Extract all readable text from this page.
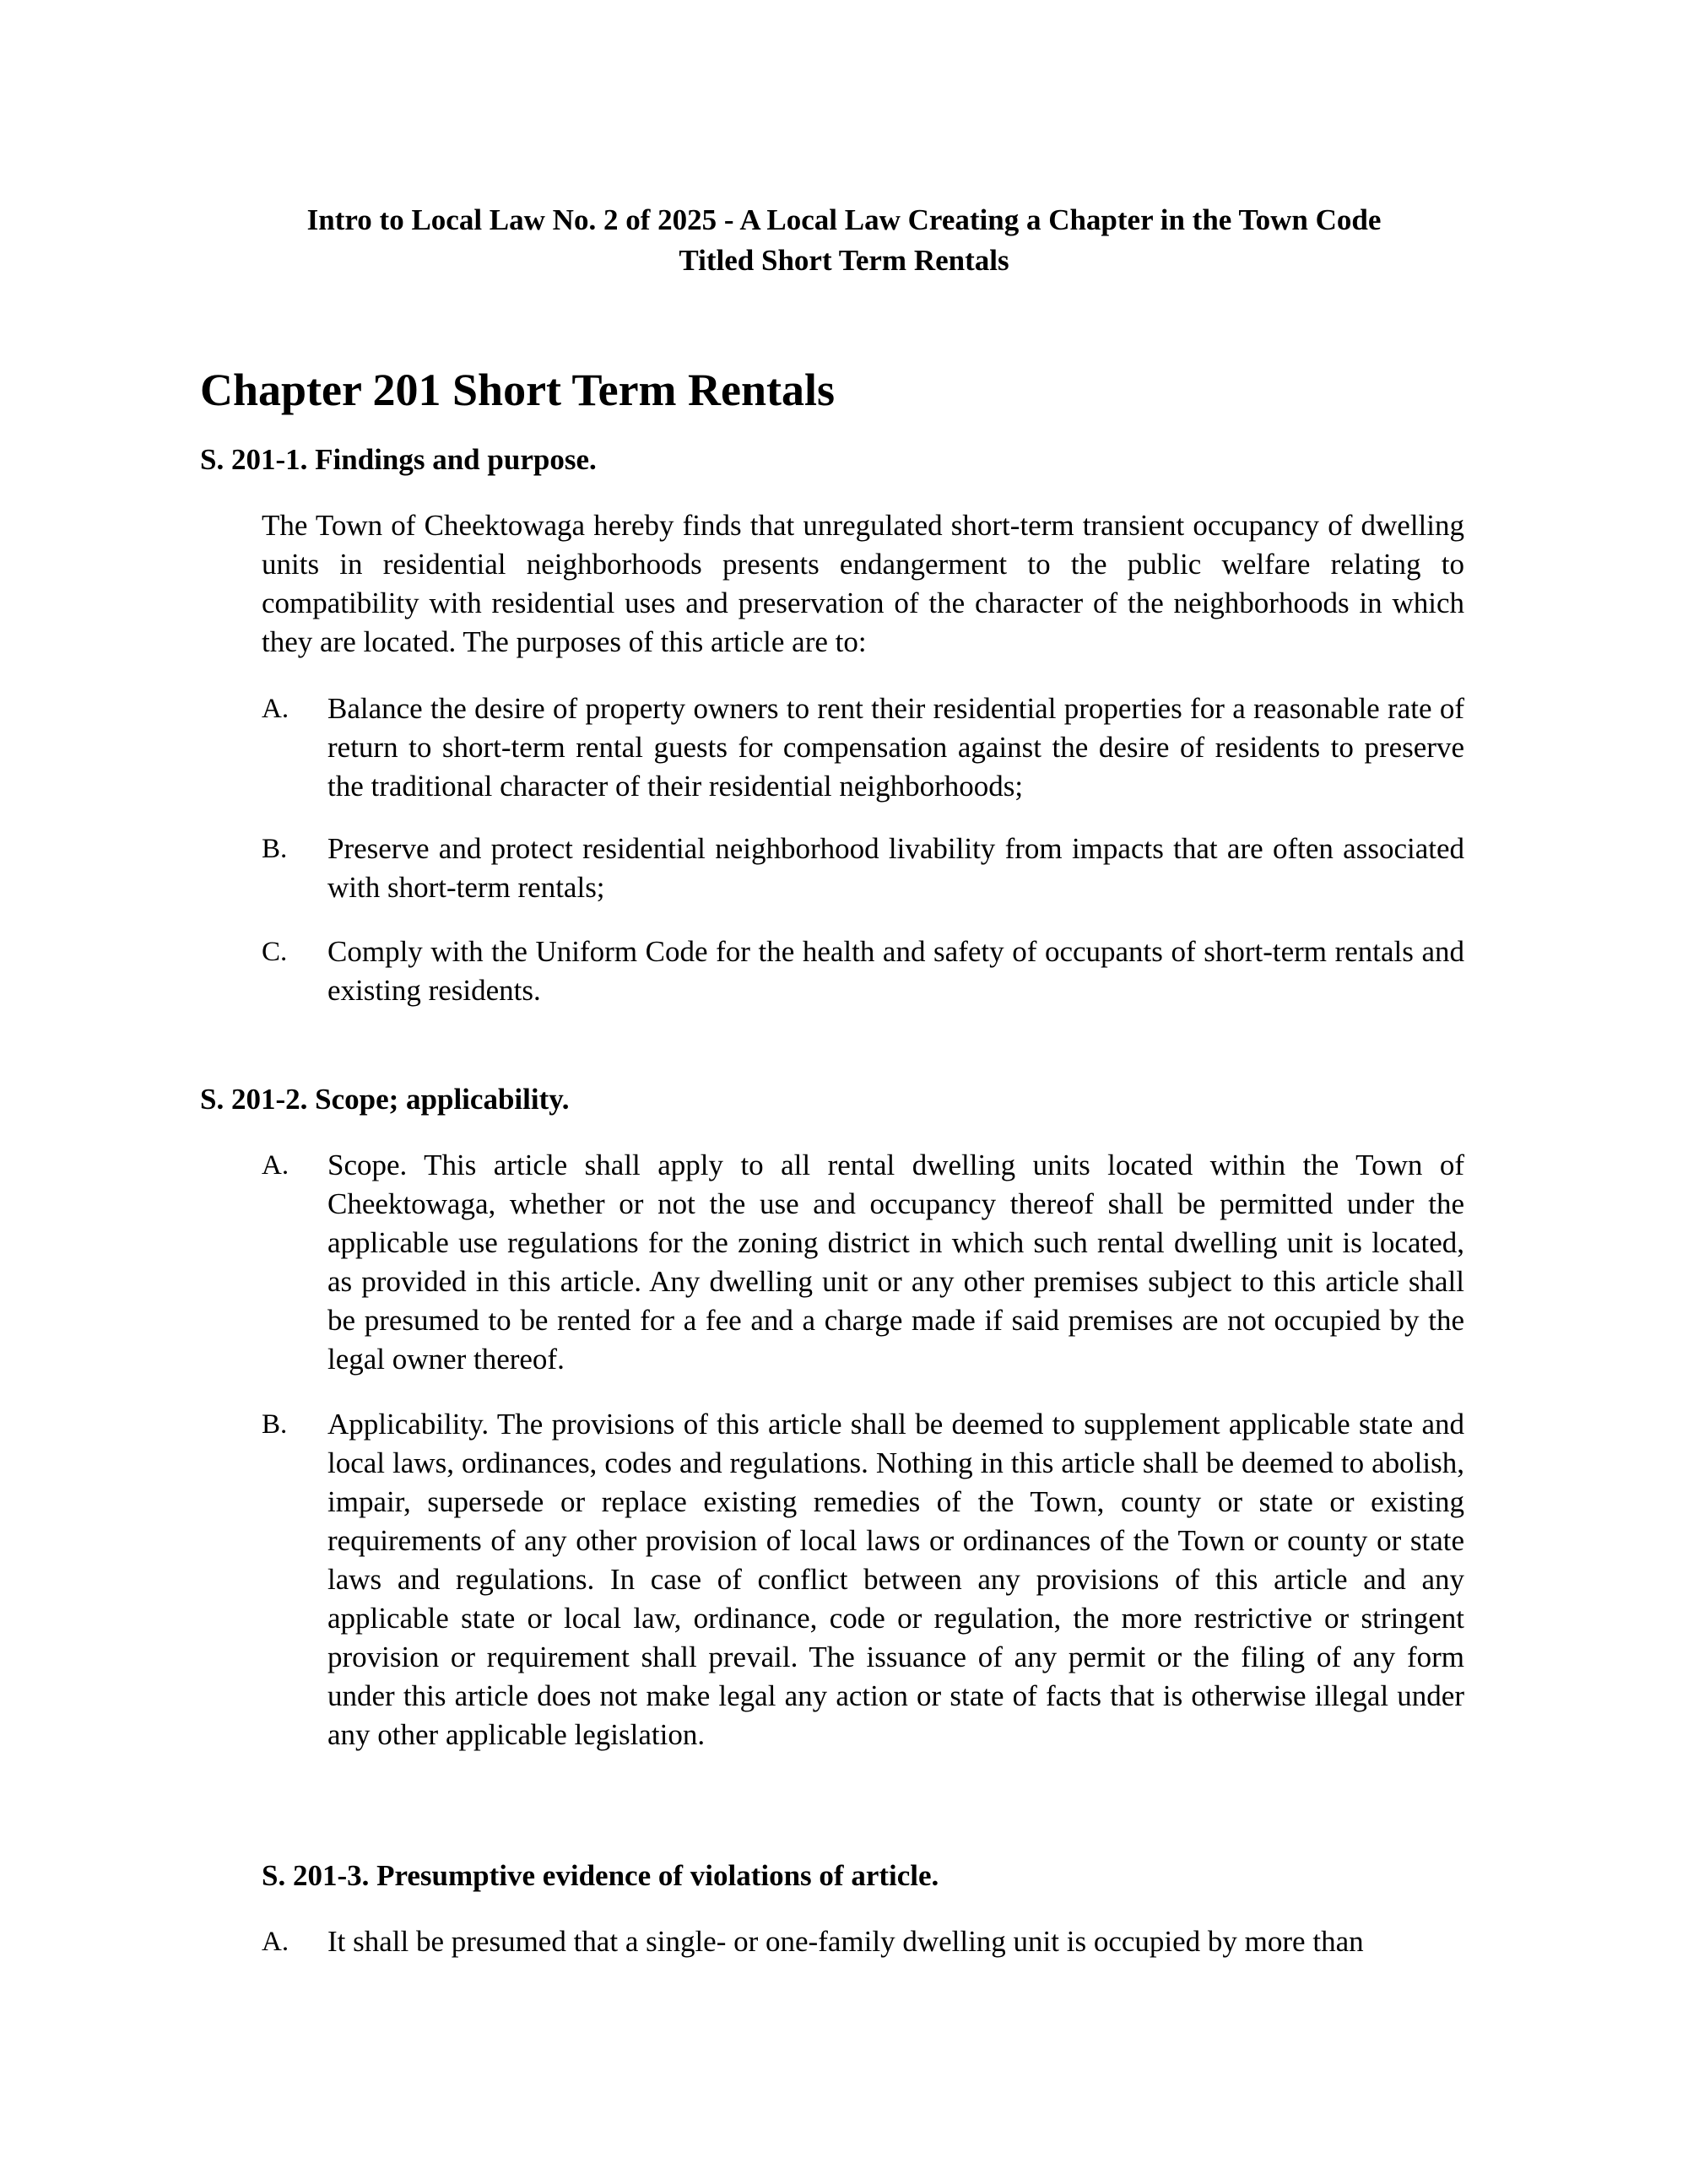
Intro to Local Law No. 2 of 2025 - A Local Law Creating a Chapter in the Town Code
Titled Short Term Rentals
Chapter 201 Short Term Rentals
S. 201-1. Findings and purpose.

The Town of Cheektowaga hereby finds that unregulated short-term transient occupancy of dwelling units in residential neighborhoods presents endangerment to the public welfare relating to compatibility with residential uses and preservation of the character of the neighborhoods in which they are located. The purposes of this article are to:

A. Balance the desire of property owners to rent their residential properties for a reasonable rate of return to short-term rental guests for compensation against the desire of residents to preserve the traditional character of their residential neighborhoods;

B. Preserve and protect residential neighborhood livability from impacts that are often associated with short-term rentals;

C. Comply with the Uniform Code for the health and safety of occupants of short-term rentals and existing residents.

S. 201-2. Scope; applicability.
A. Scope. This article shall apply to all rental dwelling units located within the Town of Cheektowaga, whether or not the use and occupancy thereof shall be permitted under the applicable use regulations for the zoning district in which such rental dwelling unit is located, as provided in this article. Any dwelling unit or any other premises subject to this article shall be presumed to be rented for a fee and a charge made if said premises are not occupied by the legal owner thereof.

B. Applicability. The provisions of this article shall be deemed to supplement applicable state and local laws, ordinances, codes and regulations. Nothing in this article shall be deemed to abolish, impair, supersede or replace existing remedies of the Town, county or state or existing requirements of any other provision of local laws or ordinances of the Town or county or state laws and regulations. In case of conflict between any provisions of this article and any applicable state or local law, ordinance, code or regulation, the more restrictive or stringent provision or requirement shall prevail. The issuance of any permit or the filing of any form under this article does not make legal any action or state of facts that is otherwise illegal under any other applicable legislation.

S. 201-3. Presumptive evidence of violations of article.
A. It shall be presumed that a single- or one-family dwelling unit is occupied by more than
